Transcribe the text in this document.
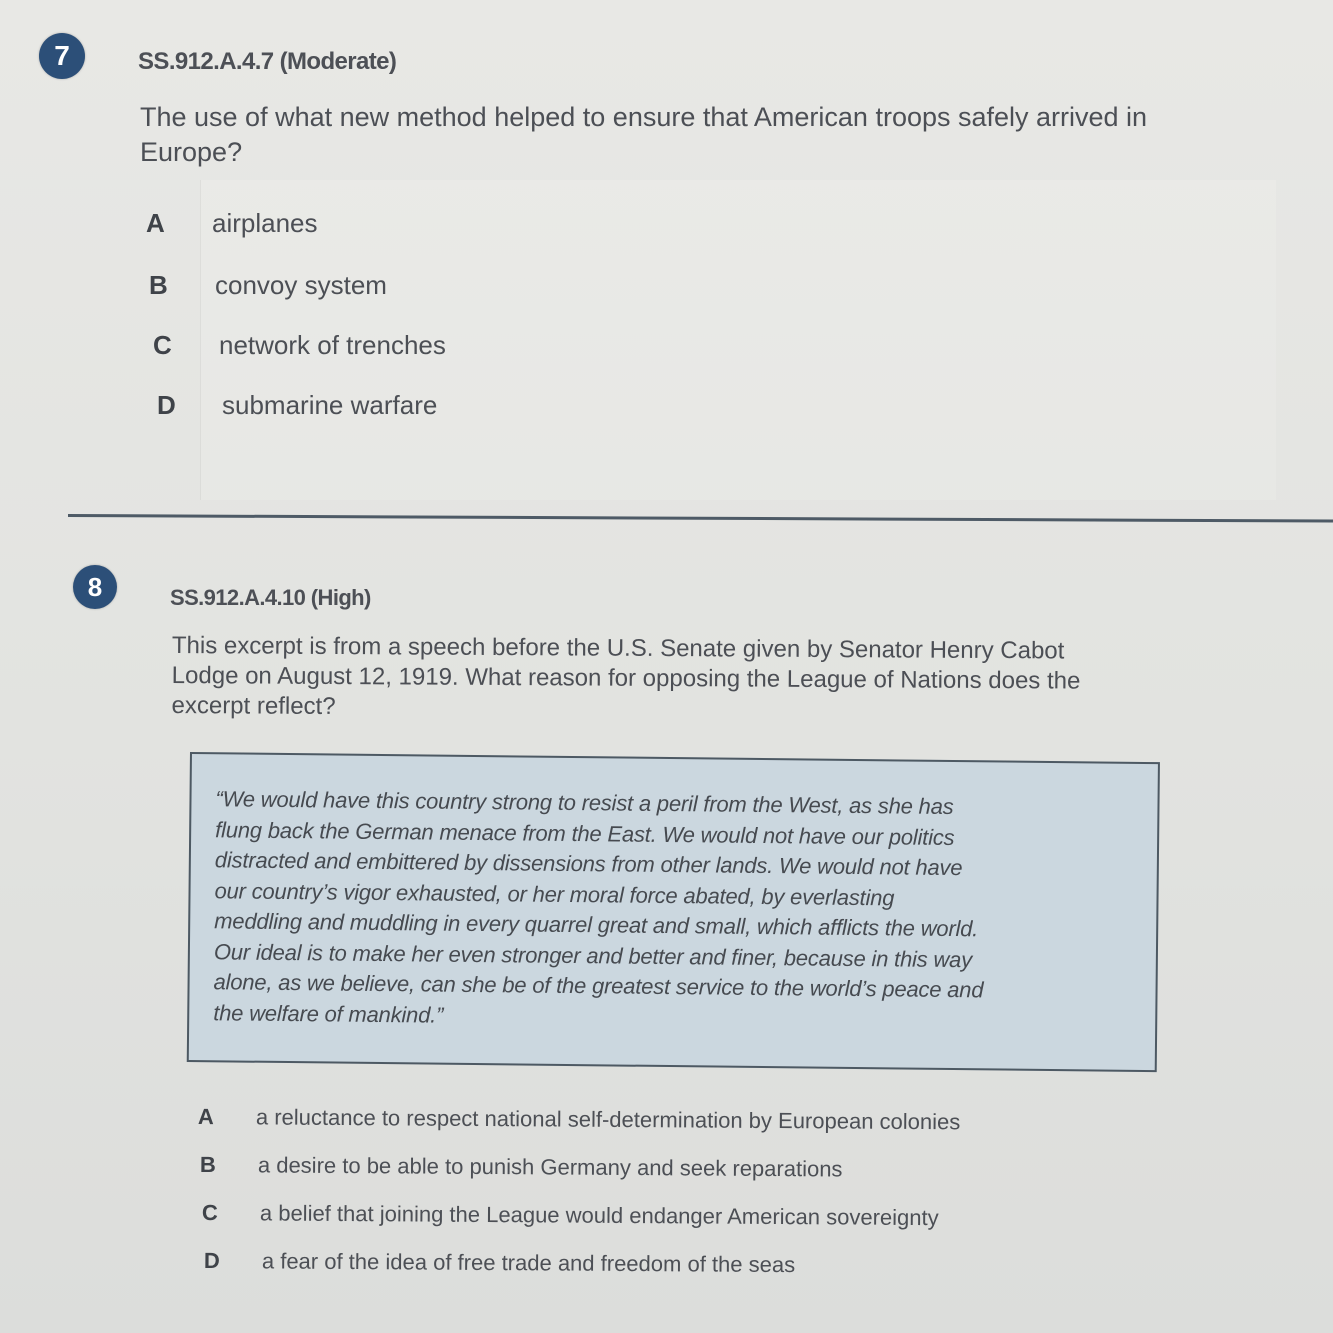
7	SS.912.A.4.7 (Moderate)
The use of what new method helped to ensure that American troops safely arrived in
Europe?
A	airplanes
B	convoy system
C	network of trenches
D	submarine warfare
8	SS.912.A.4.10 (High)
This excerpt is from a speech before the U.S. Senate given by Senator Henry Cabot
Lodge on August 12, 1919. What reason for opposing the League of Nations does the
excerpt reflect?
“We would have this country strong to resist a peril from the West, as she has
flung back the German menace from the East. We would not have our politics
distracted and embittered by dissensions from other lands. We would not have
our country’s vigor exhausted, or her moral force abated, by everlasting
meddling and muddling in every quarrel great and small, which afflicts the world.
Our ideal is to make her even stronger and better and finer, because in this way
alone, as we believe, can she be of the greatest service to the world’s peace and
the welfare of mankind.”
A	a reluctance to respect national self-determination by European colonies
B	a desire to be able to punish Germany and seek reparations
C	a belief that joining the League would endanger American sovereignty
D	a fear of the idea of free trade and freedom of the seas
